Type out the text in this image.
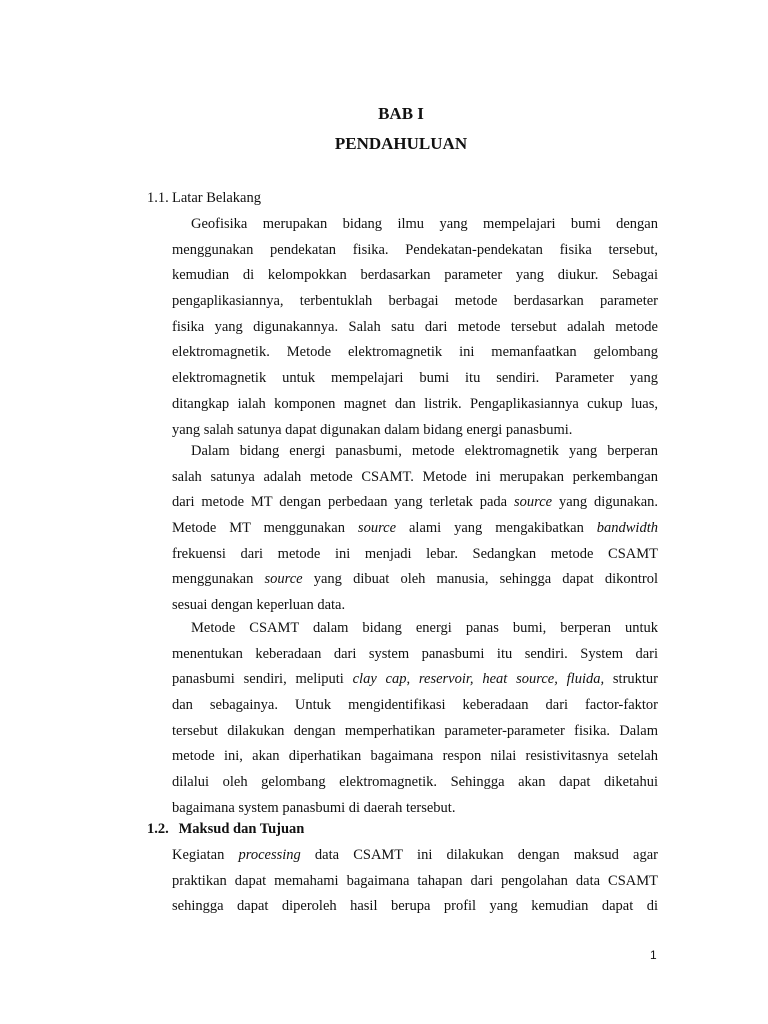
BAB I
PENDAHULUAN
1.1. Latar Belakang
Geofisika merupakan bidang ilmu yang mempelajari bumi dengan
menggunakan pendekatan fisika. Pendekatan-pendekatan fisika tersebut,
kemudian di kelompokkan berdasarkan parameter yang diukur. Sebagai
pengaplikasiannya, terbentuklah berbagai metode berdasarkan parameter
fisika yang digunakannya. Salah satu dari metode tersebut adalah metode
elektromagnetik. Metode elektromagnetik ini memanfaatkan gelombang
elektromagnetik untuk mempelajari bumi itu sendiri. Parameter yang
ditangkap ialah komponen magnet dan listrik. Pengaplikasiannya cukup luas,
yang salah satunya dapat digunakan dalam bidang energi panasbumi.
Dalam bidang energi panasbumi, metode elektromagnetik yang berperan
salah satunya adalah metode CSAMT. Metode ini merupakan perkembangan
dari metode MT dengan perbedaan yang terletak pada source yang digunakan.
Metode MT menggunakan source alami yang mengakibatkan bandwidth
frekuensi dari metode ini menjadi lebar. Sedangkan metode CSAMT
menggunakan source yang dibuat oleh manusia, sehingga dapat dikontrol
sesuai dengan keperluan data.
Metode CSAMT dalam bidang energi panas bumi, berperan untuk
menentukan keberadaan dari system panasbumi itu sendiri. System dari
panasbumi sendiri, meliputi clay cap, reservoir, heat source, fluida, struktur
dan sebagainya. Untuk mengidentifikasi keberadaan dari factor-faktor
tersebut dilakukan dengan memperhatikan parameter-parameter fisika. Dalam
metode ini, akan diperhatikan bagaimana respon nilai resistivitasnya setelah
dilalui oleh gelombang elektromagnetik. Sehingga akan dapat diketahui
bagaimana system panasbumi di daerah tersebut.
1.2. Maksud dan Tujuan
Kegiatan processing data CSAMT ini dilakukan dengan maksud agar
praktikan dapat memahami bagaimana tahapan dari pengolahan data CSAMT
sehingga dapat diperoleh hasil berupa profil yang kemudian dapat di
1
